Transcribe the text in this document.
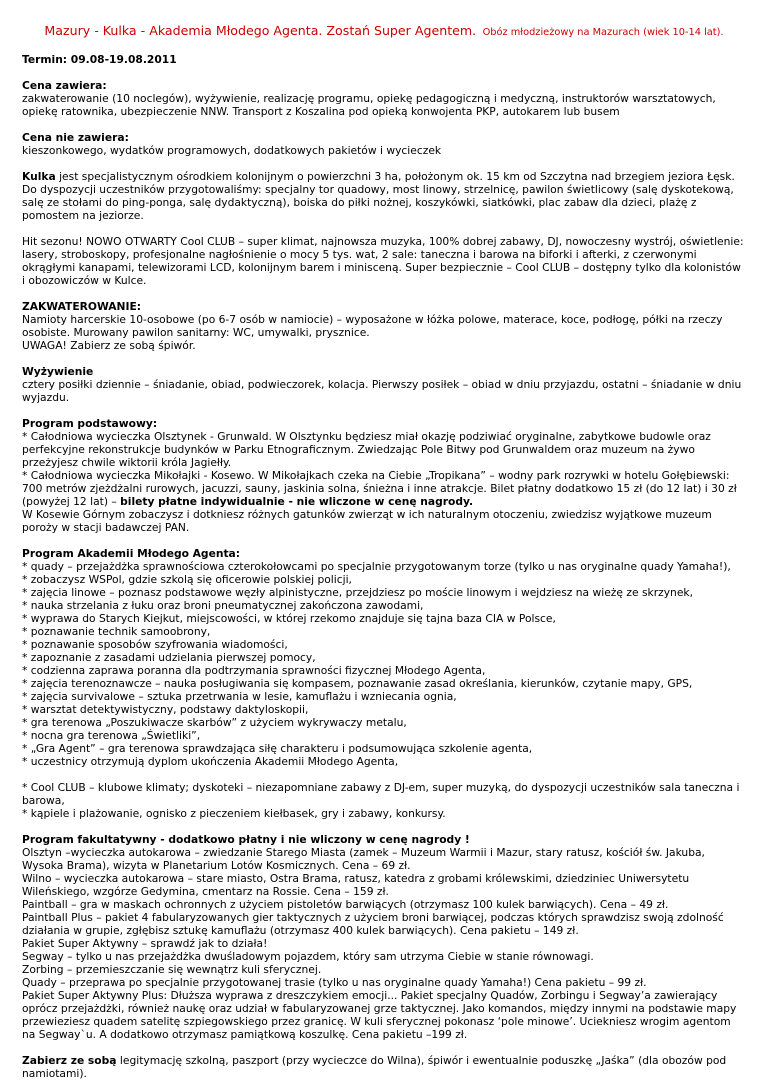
Mazury - Kulka - Akademia Młodego Agenta. Zostań Super Agentem. Obóz młodzieżowy na Mazurach (wiek 10-14 lat).
Termin: 09.08-19.08.2011
Cena zawiera:
zakwaterowanie (10 noclegów), wyżywienie, realizację programu, opiekę pedagogiczną i medyczną, instruktorów warsztatowych, opiekę ratownika, ubezpieczenie NNW. Transport z Koszalina pod opieką konwojenta PKP, autokarem lub busem
Cena nie zawiera:
kieszonkowego, wydatków programowych, dodatkowych pakietów i wycieczek
Kulka jest specjalistycznym ośrodkiem kolonijnym o powierzchni 3 ha, położonym ok. 15 km od Szczytna nad brzegiem jeziora Łęsk. Do dyspozycji uczestników przygotowaliśmy: specjalny tor quadowy, most linowy, strzelnicę, pawilon świetlicowy (salę dyskotekową, salę ze stołami do ping-ponga, salę dydaktyczną), boiska do piłki nożnej, koszykówki, siatkówki, plac zabaw dla dzieci, plażę z pomostem na jeziorze.
Hit sezonu! NOWO OTWARTY Cool CLUB – super klimat, najnowsza muzyka, 100% dobrej zabawy, DJ, nowoczesny wystrój, oświetlenie: lasery, stroboskopy, profesjonalne nagłośnienie o mocy 5 tys. wat, 2 sale: taneczna i barowa na biforki i afterki, z czerwonymi okrągłymi kanapami, telewizorami LCD, kolonijnym barem i minisceną. Super bezpiecznie – Cool CLUB – dostępny tylko dla kolonistów i obozowiczów w Kulce.
ZAKWATEROWANIE:
Namioty harcerskie 10-osobowe (po 6-7 osób w namiocie) – wyposażone w łóżka polowe, materace, koce, podłogę, półki na rzeczy osobiste. Murowany pawilon sanitarny: WC, umywalki, prysznice.
UWAGA! Zabierz ze sobą śpiwór.
Wyżywienie
cztery posiłki dziennie – śniadanie, obiad, podwieczorek, kolacja. Pierwszy posiłek – obiad w dniu przyjazdu, ostatni – śniadanie w dniu wyjazdu.
Program podstawowy:
* Całodniowa wycieczka Olsztynek - Grunwald. W Olsztynku będziesz miał okazję podziwiać oryginalne, zabytkowe budowle oraz perfekcyjne rekonstrukcje budynków w Parku Etnograficznym. Zwiedzając Pole Bitwy pod Grunwaldem oraz muzeum na żywo przeżyjesz chwile wiktorii króla Jagiełły.
* Całodniowa wycieczka Mikołajki - Kosewo. W Mikołajkach czeka na Ciebie „Tropikana” – wodny park rozrywki w hotelu Gołębiewski: 700 metrów zjeżdżalni rurowych, jacuzzi, sauny, jaskinia solna, śnieżna i inne atrakcje. Bilet płatny dodatkowo 15 zł (do 12 lat) i 30 zł (powyżej 12 lat) – bilety płatne indywidualnie - nie wliczone w cenę nagrody.
W Kosewie Górnym zobaczysz i dotkniesz różnych gatunków zwierząt w ich naturalnym otoczeniu, zwiedzisz wyjątkowe muzeum poroży w stacji badawczej PAN.
Program Akademii Młodego Agenta:
* quady – przejażdżka sprawnościowa czterokołowcami po specjalnie przygotowanym torze (tylko u nas oryginalne quady Yamaha!),
* zobaczysz WSPol, gdzie szkolą się oficerowie polskiej policji,
* zajęcia linowe – poznasz podstawowe węzły alpinistyczne, przejdziesz po moście linowym i wejdziesz na wieżę ze skrzynek,
* nauka strzelania z łuku oraz broni pneumatycznej zakończona zawodami,
* wyprawa do Starych Kiejkut, miejscowości, w której rzekomo znajduje się tajna baza CIA w Polsce,
* poznawanie technik samoobrony,
* poznawanie sposobów szyfrowania wiadomości,
* zapoznanie z zasadami udzielania pierwszej pomocy,
* codzienna zaprawa poranna dla podtrzymania sprawności fizycznej Młodego Agenta,
* zajęcia terenoznawcze – nauka posługiwania się kompasem, poznawanie zasad określania, kierunków, czytanie mapy, GPS,
* zajęcia survivalowe – sztuka przetrwania w lesie, kamuflażu i wzniecania ognia,
* warsztat detektywistyczny, podstawy daktyloskopii,
* gra terenowa „Poszukiwacze skarbów” z użyciem wykrywaczy metalu,
* nocna gra terenowa „Świetliki”,
* „Gra Agent” – gra terenowa sprawdzająca siłę charakteru i podsumowująca szkolenie agenta,
* uczestnicy otrzymują dyplom ukończenia Akademii Młodego Agenta,
* Cool CLUB – klubowe klimaty; dyskoteki – niezapomniane zabawy z DJ-em, super muzyką, do dyspozycji uczestników sala taneczna i barowa,
* kąpiele i plażowanie, ognisko z pieczeniem kiełbasek, gry i zabawy, konkursy.
Program fakultatywny - dodatkowo płatny i nie wliczony w cenę nagrody !
Olsztyn –wycieczka autokarowa – zwiedzanie Starego Miasta (zamek – Muzeum Warmii i Mazur, stary ratusz, kościół św. Jakuba, Wysoka Brama), wizyta w Planetarium Lotów Kosmicznych. Cena – 69 zł.
Wilno – wycieczka autokarowa – stare miasto, Ostra Brama, ratusz, katedra z grobami królewskimi, dziedziniec Uniwersytetu Wileńskiego, wzgórze Gedymina, cmentarz na Rossie. Cena – 159 zł.
Paintball – gra w maskach ochronnych z użyciem pistoletów barwiących (otrzymasz 100 kulek barwiących). Cena – 49 zł.
Paintball Plus – pakiet 4 fabularyzowanych gier taktycznych z użyciem broni barwiącej, podczas których sprawdzisz swoją zdolność działania w grupie, zgłębisz sztukę kamuflażu (otrzymasz 400 kulek barwiących). Cena pakietu – 149 zł.
Pakiet Super Aktywny – sprawdź jak to działa!
Segway – tylko u nas przejażdżka dwuśladowym pojazdem, który sam utrzyma Ciebie w stanie równowagi.
Zorbing – przemieszczanie się wewnątrz kuli sferycznej.
Quady – przeprawa po specjalnie przygotowanej trasie (tylko u nas oryginalne quady Yamaha!) Cena pakietu – 99 zł.
Pakiet Super Aktywny Plus: Dłuższa wyprawa z dreszczykiem emocji... Pakiet specjalny Quadów, Zorbingu i Segway’a zawierający oprócz przejażdżki, również naukę oraz udział w fabularyzowanej grze taktycznej. Jako komandos, między innymi na podstawie mapy przewieziesz quadem satelitę szpiegowskiego przez granicę. W kuli sferycznej pokonasz ‘pole minowe’. Uciekniesz wrogim agentom na Segway`u. A dodatkowo otrzymasz pamiątkową koszulkę. Cena pakietu –199 zł.
Zabierz ze sobą legitymację szkolną, paszport (przy wycieczce do Wilna), śpiwór i ewentualnie poduszkę „Jaśka” (dla obozów pod namiotami).
